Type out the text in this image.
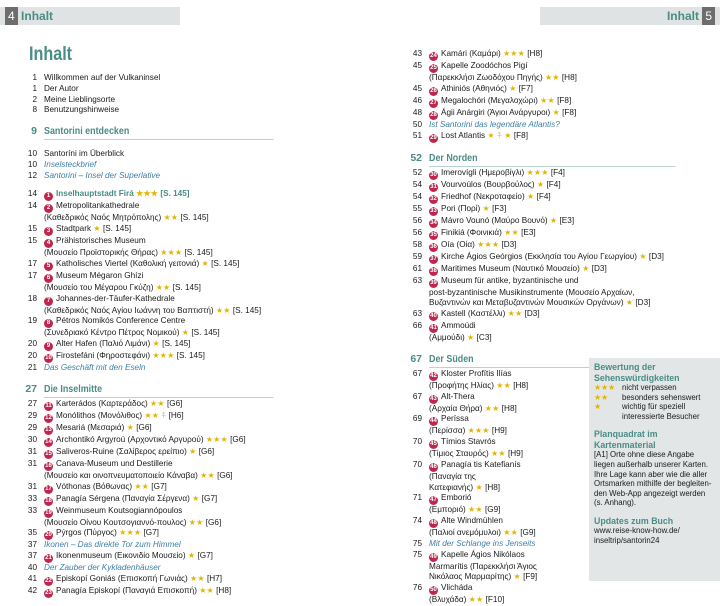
4 Inhalt	Inhalt 5
Inhalt
1 Willkommen auf der Vulkaninsel
1 Der Autor
2 Meine Lieblingsorte
8 Benutzungshinweise
9 Santorini entdecken
10 Santoríni im Überblick
10 Inselsteckbrief
12 Santorini – Insel der Superlative
14	1 Inselhauptstadt Firá ★★★ [S. 145]
14	2 Metropolitankathedrale
(Καθεδρικός Ναός Μητρόπολης) ★★ [S. 145]
15	3 Stadtpark ★ [S. 145]
15	4 Prähistorisches Museum
(Μουσείο Προϊστορικής Θήρας) ★★★ [S. 145]
17	5 Katholisches Viertel (Καθολική γειτονιά) ★ [S. 145]
17	6 Museum Mégaron Ghízi
(Μουσείο του Μέγαρου Γκύζη) ★★ [S. 145]
18	7 Johannes-der-Täufer-Kathedrale
(Καθεδρικός Ναός Αγίου Ιωάννη του Βαπτιστή) ★★ [S. 145]
19	8 Pétros Nomikós Conference Centre
(Συνεδριακό Κέντρο Πέτρος Νομικού) ★ [S. 145]
20	9 Alter Hafen (Παλιό Λιμάνι) ★ [S. 145]
20	10 Firostefáni (Φηροστεφάνι) ★★★ [S. 145]
21 Das Geschäft mit den Eseln
27 Die Inselmitte
27	11 Karterádos (Καρτεράδος) ★★ [G6]
29	12 Monólithos (Μονόλιθος) ★★ ⍏ [H6]
29	13 Mesariá (Μεσαριά) ★ [G6]
30	14 Archontikó Argyroú (Αρχοντικό Αργυρού) ★★★ [G6]
31	15 Saliveros-Ruine (Σαλίβερος ερείπιο) ★ [G6]
31	16 Canava-Museum und Destillerie
(Μουσείο και οινοπνευματοποιείο Κάναβα) ★★ [G6]
31	17 Vóthonas (Βόθωνας) ★★ [G7]
33	18 Panagía Sérgena (Παναγία Σέργενα) ★ [G7]
33	19 Weinmuseum Koutsogiannópoulos
(Μουσείο Οίνου Κουτσογιαννό-πουλος) ★★ [G6]
35	20 Pýrgos (Πύργος) ★★★ [G7]
37 Ikonen – Das direkte Tor zum Himmel
37	21 Ikonenmuseum (Εικονιδίο Μουσείο) ★ [G7]
40 Der Zauber der Kykladenhäuser
41	22 Episkopí Goniás (Επισκοπή Γωνιάς) ★★ [H7]
42	23 Panagía Episkopí (Παναγιά Επισκοπή) ★★ [H8]
43	24 Kamári (Καμάρι) ★★★ [H8]
45	25 Kapelle Zoodóchos Pigí
(Παρεκκλήσι Ζωοδόχου Πηγής) ★★ [H8]
45	26 Athiniós (Αθηνιός) ★ [F7]
46	27 Megalochóri (Μεγαλοχώρι) ★★ [F8]
48	28 Ágii Anárgiri (Άγιοι Ανάργυροι) ★ [F8]
50 Ist Santorini das legendäre Atlantis?
51	29 Lost Atlantis ★ ⍏ ★ [F8]
52 Der Norden
52	30 Imerovígli (Ημεροβίγλι) ★★★ [F4]
54	31 Vourvoúlos (Βουρβούλος) ★ [F4]
54	32 Friedhof (Νεκροταφείο) ★ [F4]
55	33 Pori (Πορί) ★ [F3]
56	34 Mávro Vounó (Μαύρο Βουνό) ★ [E3]
56	35 Finikiá (Φοινικιά) ★★ [E3]
58	36 Oía (Οία) ★★★ [D3]
59	37 Kirche Ágios Geórgios (Εκκλησία του Αγίου Γεωργίου) ★ [D3]
61	38 Maritimes Museum (Ναυτικό Μουσείο) ★ [D3]
63	39 Museum für antike, byzantinische und
post-byzantinische Musikinstrumente (Μουσείο Αρχαίων,
Βυζαντινών και Μεταβυζαντινών Μουσικών Οργάνων) ★ [D3]
63	40 Kastell (Καστέλλι) ★★ [D3]
66	41 Ammoúdi
(Αμμούδι) ★ [C3]
67 Der Süden
67	42 Kloster Profítis Ilías
(Προφήτης Ηλίας) ★★ [H8]
67	43 Alt-Thera
(Αρχαία Θήρα) ★★ [H8]
69	44 Períssa
(Περίσσα) ★★★ [H9]
70	45 Tímios Stavrós
(Τίμιος Σταυρός) ★★ [H9]
70	46 Panagía tis Katefianís
(Παναγία της
Κατεφιανής) ★ [H8]
71	47 Emborió
(Εμποριό) ★★ [G9]
74	48 Alte Windmühlen
(Παλιοί ανεμόμυλοι) ★★ [G9]
75 Mit der Schlange ins Jenseits
75	49 Kapelle Ágios Nikólaos
Marmarítis (Παρεκκλήσι Άγιος
Νικόλαος Μαρμαρίτης) ★ [F9]
76	50 Vlicháda
(Βλυχάδα) ★★ [F10]
Bewertung der
Sehenswürdigkeiten
★★★ nicht verpassen
★★	besonders sehenswert
★	wichtig für speziell
interessierte Besucher
Planquadrat im Kartenmaterial
[A1] Orte ohne diese Angabe
liegen außerhalb unserer Karten.
Ihre Lage kann aber wie die aller
Ortsmarken mithilfe der begleiten-
den Web-App angezeigt werden
(s. Anhang).
Updates zum Buch
www.reise-know-how.de/
inseltrip/santorin24
